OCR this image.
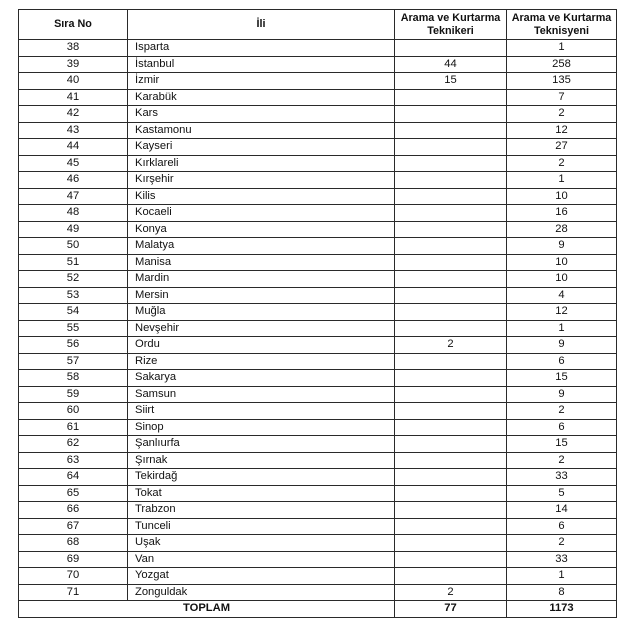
Sıra No	İli	Arama ve Kurtarma Teknikeri	Arama ve Kurtarma Teknisyeni
38	Isparta		1
39	İstanbul	44	258
40	İzmir	15	135
41	Karabük		7
42	Kars		2
43	Kastamonu		12
44	Kayseri		27
45	Kırklareli		2
46	Kırşehir		1
47	Kilis		10
48	Kocaeli		16
49	Konya		28
50	Malatya		9
51	Manisa		10
52	Mardin		10
53	Mersin		4
54	Muğla		12
55	Nevşehir		1
56	Ordu	2	9
57	Rize		6
58	Sakarya		15
59	Samsun		9
60	Siirt		2
61	Sinop		6
62	Şanlıurfa		15
63	Şırnak		2
64	Tekirdağ		33
65	Tokat		5
66	Trabzon		14
67	Tunceli		6
68	Uşak		2
69	Van		33
70	Yozgat		1
71	Zonguldak	2	8
TOPLAM		77	1173
